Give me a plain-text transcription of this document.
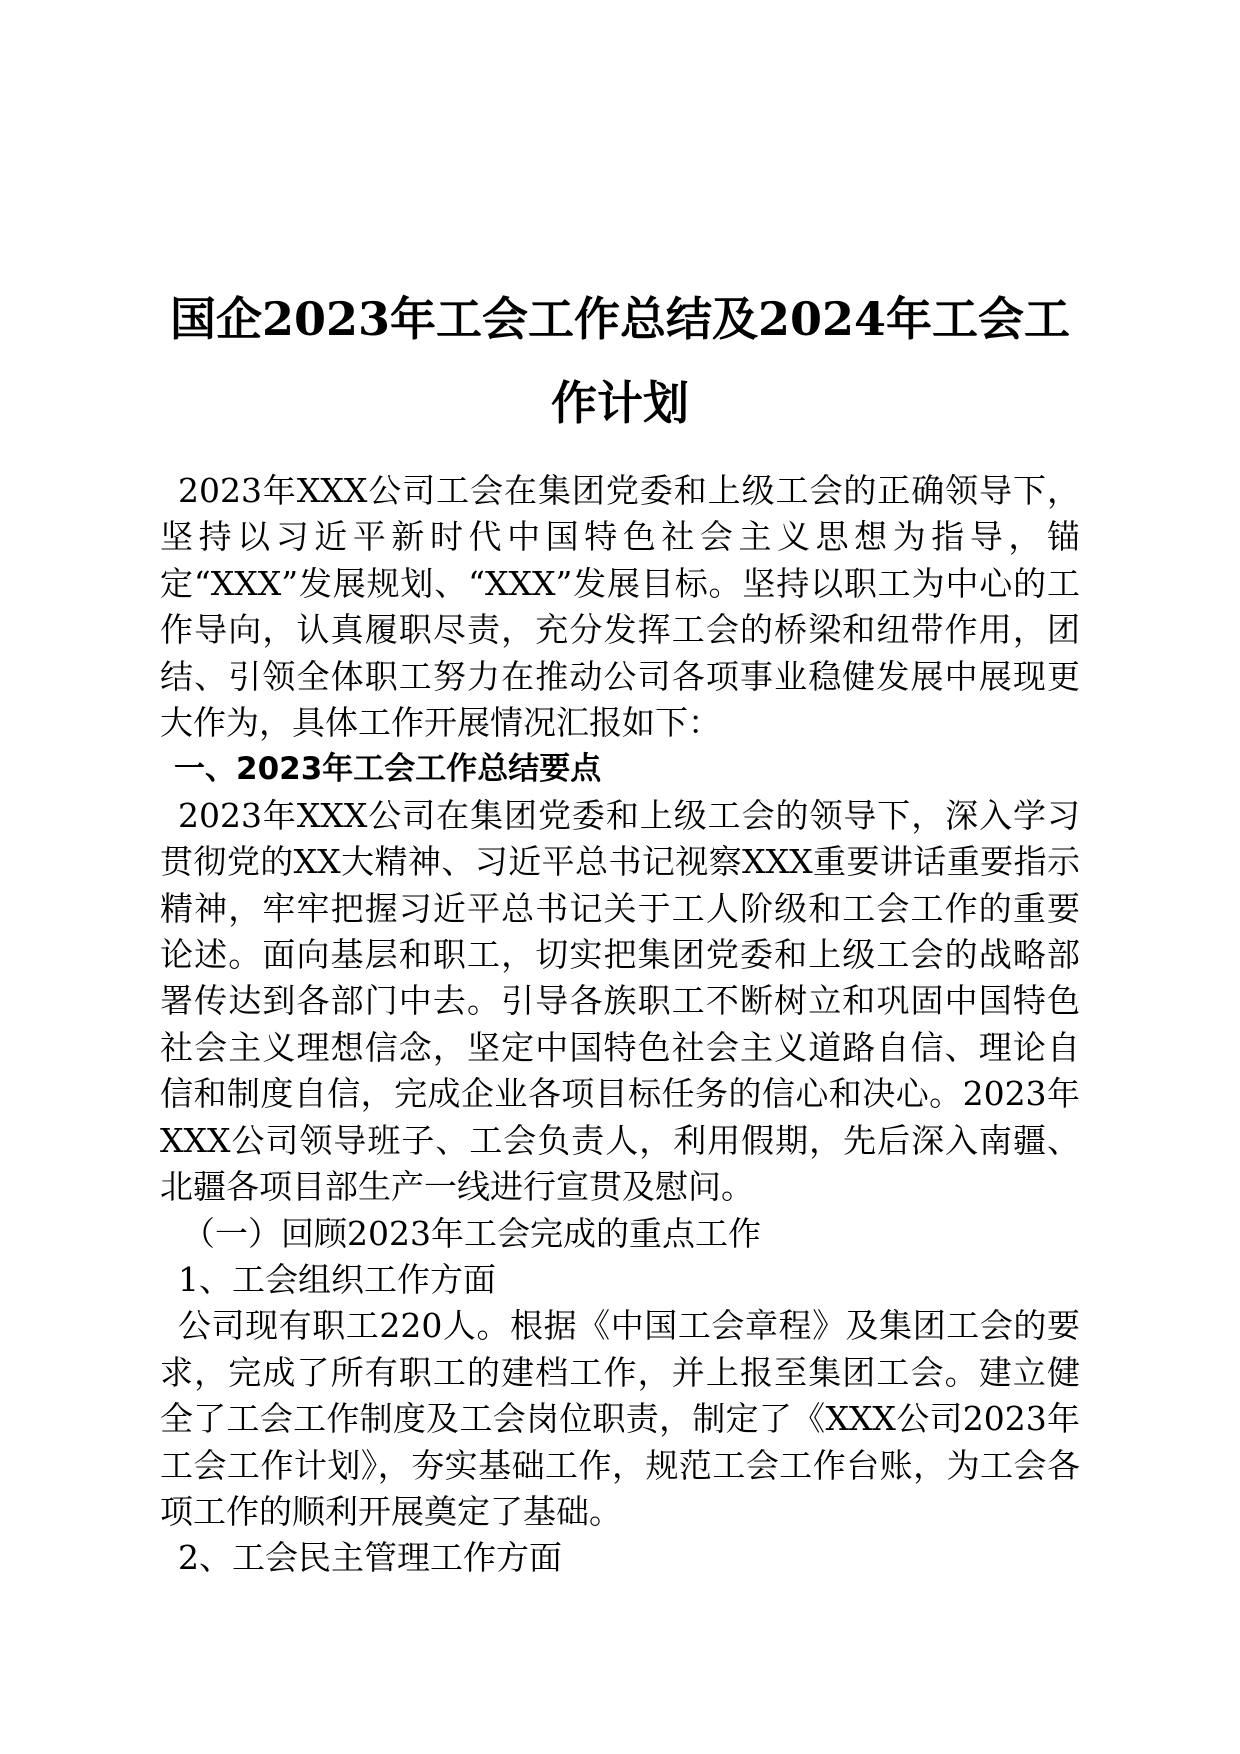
国企2023年工会工作总结及2024年工会工作计划

2023年XXX公司工会在集团党委和上级工会的正确领导下，坚持以习近平新时代中国特色社会主义思想为指导，锚定“XXX”发展规划、“XXX”发展目标。坚持以职工为中心的工作导向，认真履职尽责，充分发挥工会的桥梁和纽带作用，团结、引领全体职工努力在推动公司各项事业稳健发展中展现更大作为，具体工作开展情况汇报如下：

一、2023年工会工作总结要点

2023年XXX公司在集团党委和上级工会的领导下，深入学习贯彻党的XX大精神、习近平总书记视察XXX重要讲话重要指示精神，牢牢把握习近平总书记关于工人阶级和工会工作的重要论述。面向基层和职工，切实把集团党委和上级工会的战略部署传达到各部门中去。引导各族职工不断树立和巩固中国特色社会主义理想信念，坚定中国特色社会主义道路自信、理论自信和制度自信，完成企业各项目标任务的信心和决心。2023年XXX公司领导班子、工会负责人，利用假期，先后深入南疆、北疆各项目部生产一线进行宣贯及慰问。

（一）回顾2023年工会完成的重点工作

1、工会组织工作方面

公司现有职工220人。根据《中国工会章程》及集团工会的要求，完成了所有职工的建档工作，并上报至集团工会。建立健全了工会工作制度及工会岗位职责，制定了《XXX公司2023年工会工作计划》，夯实基础工作，规范工会工作台账，为工会各项工作的顺利开展奠定了基础。

2、工会民主管理工作方面
